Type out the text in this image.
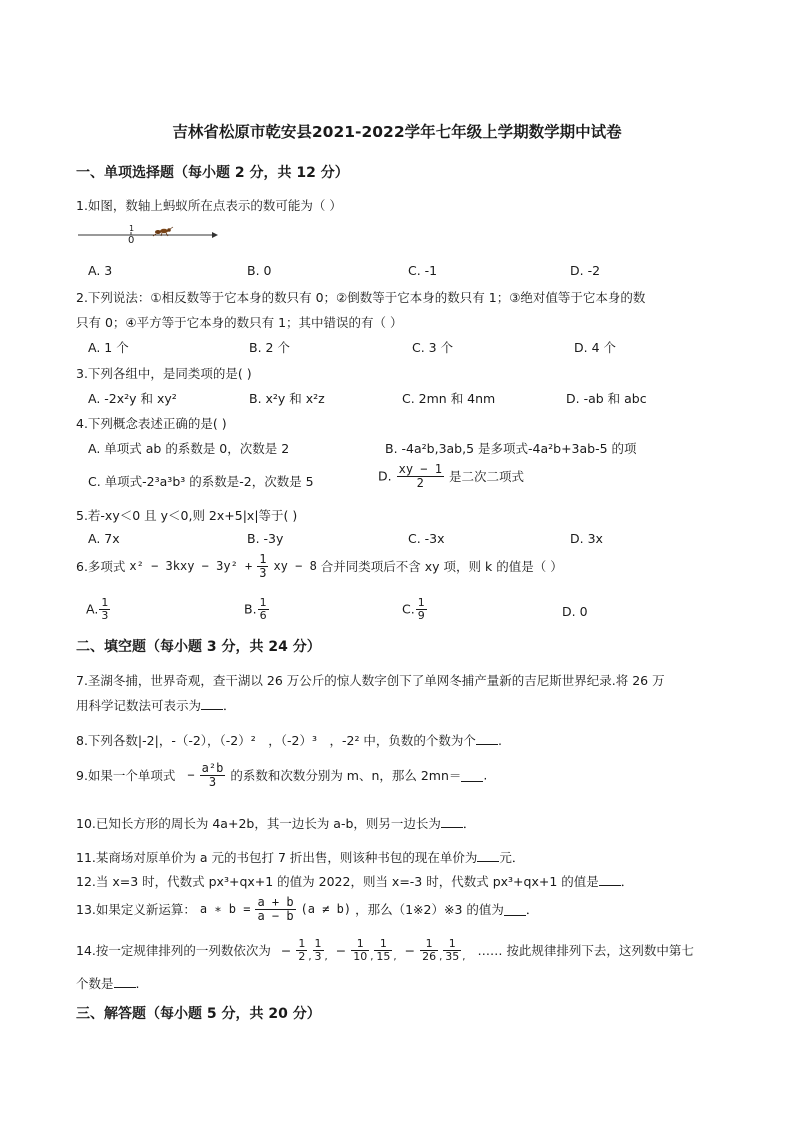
吉林省松原市乾安县2021-2022学年七年级上学期数学期中试卷
一、单项选择题（每小题 2 分，共 12 分）
1.如图，数轴上蚂蚁所在点表示的数可能为（ ）
1
0
A. 3	B. 0	C. -1	D. -2
2.下列说法：①相反数等于它本身的数只有 0；②倒数等于它本身的数只有 1；③绝对值等于它本身的数
只有 0；④平方等于它本身的数只有 1；其中错误的有（ ）
A. 1 个	B. 2 个	C. 3 个	D. 4 个
3.下列各组中，是同类项的是( )
A. -2x²y 和 xy²	B. x²y 和 x²z	C. 2mn 和 4nm	D. -ab 和 abc
4.下列概念表述正确的是( )
A. 单项式 ab 的系数是 0，次数是 2	B. -4a²b,3ab,5 是多项式-4a²b+3ab-5 的项
C. 单项式-2³a³b³ 的系数是-2，次数是 5	D. $\frac{xy - 1}{2}$ 是二次二项式
5.若-xy＜0 且 y＜0,则 2x+5|x|等于( )
A. 7x	B. -3y	C. -3x	D. 3x
6.多项式 $x^2 - 3kxy - 3y^2 + \frac{1}{3}$ xy − 8 合并同类项后不含 xy 项，则 k 的值是（ ）
A. $\frac{1}{3}$	B. $\frac{1}{6}$	C. $\frac{1}{9}$	D. 0
二、填空题（每小题 3 分，共 24 分）
7.圣湖冬捕，世界奇观，查干湖以 26 万公斤的惊人数字创下了单网冬捕产量新的吉尼斯世界纪录.将 26 万
用科学记数法可表示为 ．
8.下列各数|-2|，-（-2），（-2）²　，（-2）³　，-2² 中，负数的个数为个 .
9.如果一个单项式 − $\frac{\text{a²b}}{3}$ 的系数和次数分别为 m、n，那么 2mn＝ .
10.已知长方形的周长为 4a+2b，其一边长为 a-b，则另一边长为 ．
11.某商场对原单价为 a 元的书包打 7 折出售，则该种书包的现在单价为 元．
12.当 x=3 时，代数式 px³+qx+1 的值为 2022，则当 x=-3 时，代数式 px³+qx+1 的值是 ．
13.如果定义新运算： a ∗ $b = \frac{a + b}{a - b} (a \ne b)$ ，那么（1※2）※3 的值为 ．
14.按一定规律排列的一列数依次为 − $\frac{1}{2}$ , $\frac{1}{3}$ , − $\frac{1}{10}$ , $\frac{1}{15}$ , − $\frac{1}{26}$ , $\frac{1}{35}$ , …… 按此规律排列下去，这列数中第七
个数是 .
三、解答题（每小题 5 分，共 20 分）
